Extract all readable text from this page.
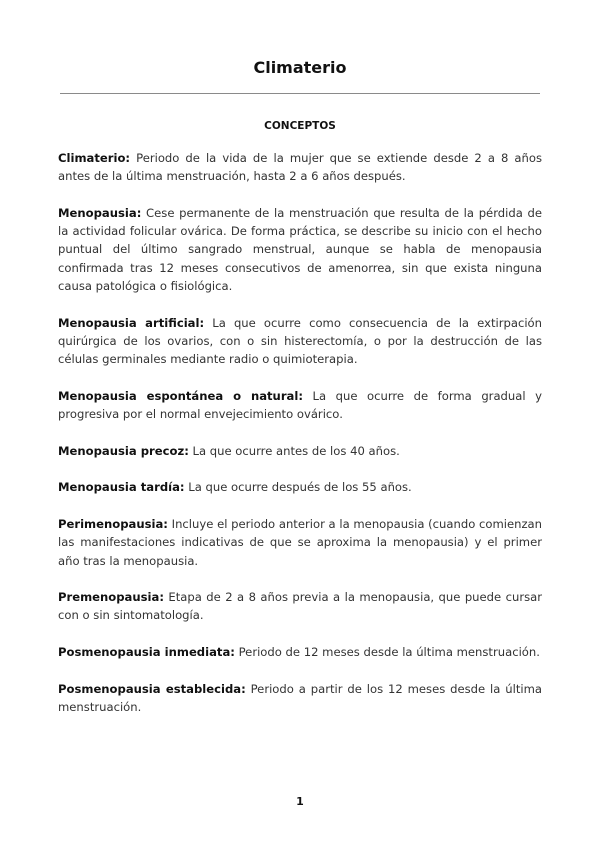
Climaterio
CONCEPTOS

Climaterio: Periodo de la vida de la mujer que se extiende desde 2 a 8 años antes de la última menstruación, hasta 2 a 6 años después.

Menopausia: Cese permanente de la menstruación que resulta de la pérdida de la actividad folicular ovárica. De forma práctica, se describe su inicio con el hecho puntual del último sangrado menstrual, aunque se habla de menopausia confirmada tras 12 meses consecutivos de amenorrea, sin que exista ninguna causa patológica o fisiológica.

Menopausia artificial: La que ocurre como consecuencia de la extirpación quirúrgica de los ovarios, con o sin histerectomía, o por la destrucción de las células germinales mediante radio o quimioterapia.

Menopausia espontánea o natural: La que ocurre de forma gradual y progresiva por el normal envejecimiento ovárico.

Menopausia precoz: La que ocurre antes de los 40 años.

Menopausia tardía: La que ocurre después de los 55 años.

Perimenopausia: Incluye el periodo anterior a la menopausia (cuando comienzan las manifestaciones indicativas de que se aproxima la menopausia) y el primer año tras la menopausia.

Premenopausia: Etapa de 2 a 8 años previa a la menopausia, que puede cursar con o sin sintomatología.

Posmenopausia inmediata: Periodo de 12 meses desde la última menstruación.

Posmenopausia establecida: Periodo a partir de los 12 meses desde la última menstruación.

1
